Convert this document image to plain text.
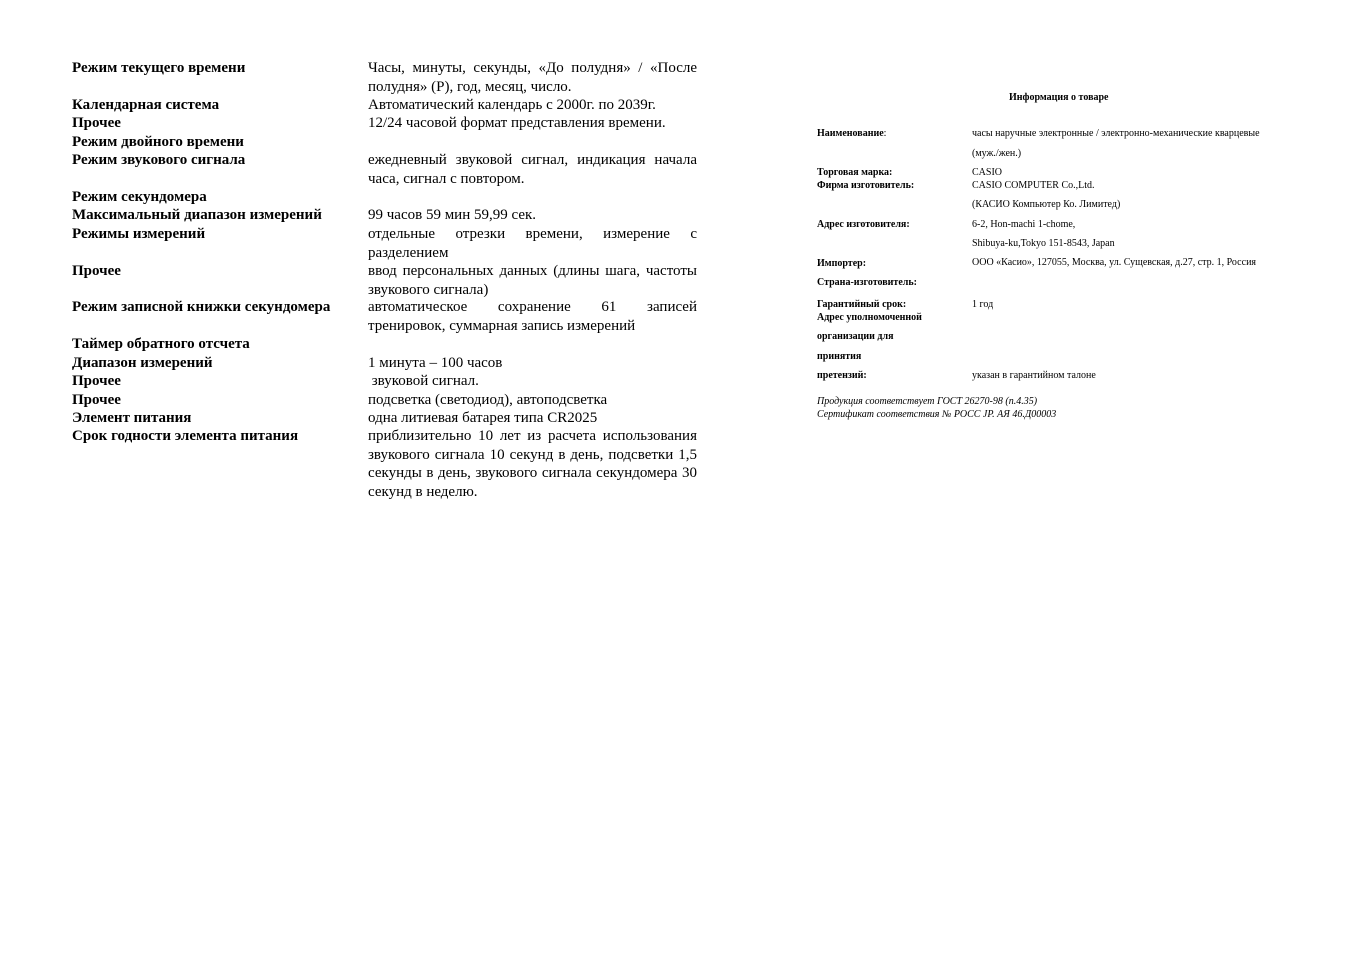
Режим текущего времени	Часы, минуты, секунды, «До полудня» / «После полудня» (Р), год, месяц, число.
Календарная система	Автоматический календарь с 2000г. по 2039г.
Прочее	12/24 часовой формат представления времени.
Режим двойного времени
Режим звукового сигнала	ежедневный звуковой сигнал, индикация начала часа, сигнал с повтором.
Режим секундомера
Максимальный диапазон измерений	99 часов 59 мин 59,99 сек.
Режимы измерений	отдельные отрезки времени, измерение с разделением
Прочее	ввод персональных данных (длины шага, частоты звукового сигнала)
Режим записной книжки секундомера	автоматическое сохранение 61 записей тренировок, суммарная запись измерений
Таймер обратного отсчета
Диапазон измерений	1 минута – 100 часов
Прочее	звуковой сигнал.
Прочее	подсветка (светодиод), автоподсветка
Элемент питания	одна литиевая батарея типа CR2025
Срок годности элемента питания	приблизительно 10 лет из расчета использования звукового сигнала 10 секунд в день, подсветки 1,5 секунды в день, звукового сигнала секундомера 30 секунд в неделю.
Информация о товаре
Наименование:	часы наручные электронные / электронно-механические кварцевые
(муж./жен.)
Торговая марка:	CASIO
Фирма изготовитель:	CASIO COMPUTER Co.,Ltd.
(КАСИО Компьютер Ко. Лимитед)
Адрес изготовителя:	6-2, Hon-machi 1-chome,
Shibuya-ku,Tokyo 151-8543, Japan
Импортер:	ООО «Касио», 127055, Москва, ул. Сущевская, д.27, стр. 1, Россия
Страна-изготовитель:
Гарантийный срок:	1 год
Адрес уполномоченной
организации для
принятия
претензий:	указан в гарантийном талоне
Продукция соответствует ГОСТ 26270-98 (п.4.35)
Сертификат соответствия № РОСС JP. АЯ 46.Д00003
